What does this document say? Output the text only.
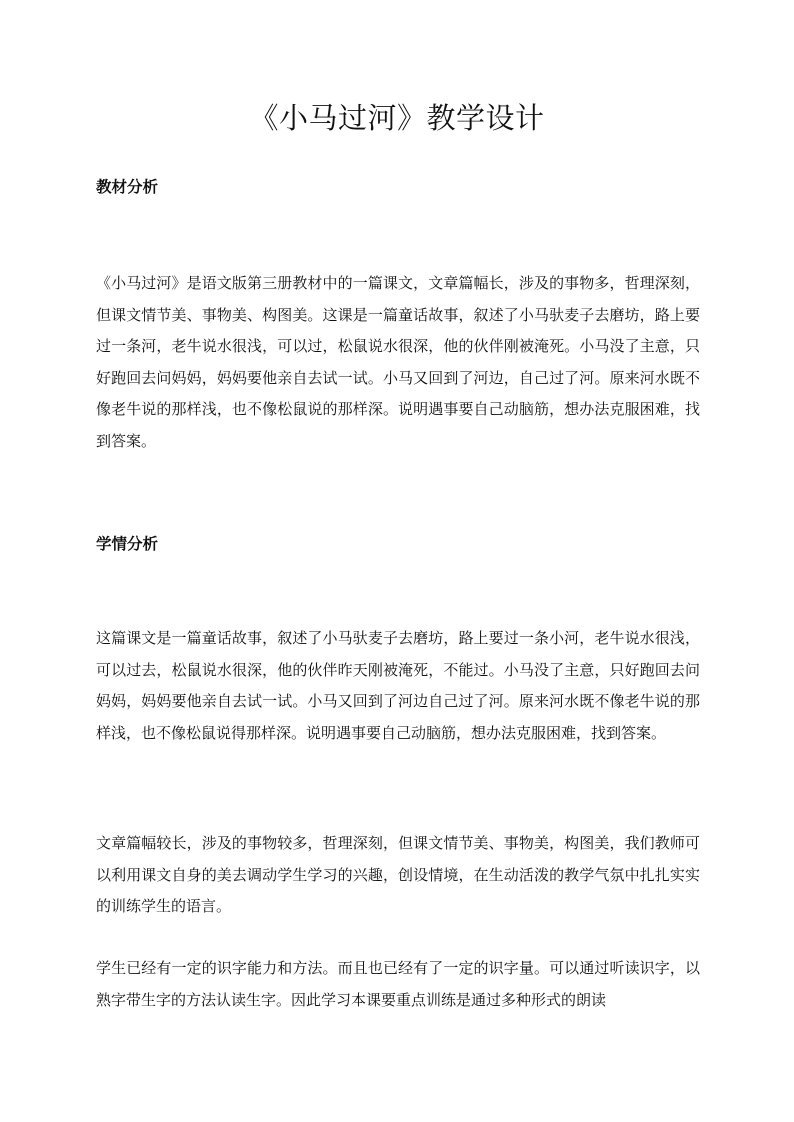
《小马过河》教学设计
教材分析

《小马过河》是语文版第三册教材中的一篇课文，文章篇幅长，涉及的事物多，哲理深刻，但课文情节美、事物美、构图美。这课是一篇童话故事，叙述了小马驮麦子去磨坊，路上要过一条河，老牛说水很浅，可以过，松鼠说水很深，他的伙伴刚被淹死。小马没了主意，只好跑回去问妈妈，妈妈要他亲自去试一试。小马又回到了河边，自己过了河。原来河水既不像老牛说的那样浅，也不像松鼠说的那样深。说明遇事要自己动脑筋，想办法克服困难，找到答案。

学情分析

这篇课文是一篇童话故事，叙述了小马驮麦子去磨坊，路上要过一条小河，老牛说水很浅，可以过去，松鼠说水很深，他的伙伴昨天刚被淹死，不能过。小马没了主意，只好跑回去问妈妈，妈妈要他亲自去试一试。小马又回到了河边自己过了河。原来河水既不像老牛说的那样浅，也不像松鼠说得那样深。说明遇事要自己动脑筋，想办法克服困难，找到答案。

文章篇幅较长，涉及的事物较多，哲理深刻，但课文情节美、事物美，构图美，我们教师可以利用课文自身的美去调动学生学习的兴趣，创设情境，在生动活泼的教学气氛中扎扎实实的训练学生的语言。

学生已经有一定的识字能力和方法。而且也已经有了一定的识字量。可以通过听读识字，以熟字带生字的方法认读生字。因此学习本课要重点训练是通过多种形式的朗读
